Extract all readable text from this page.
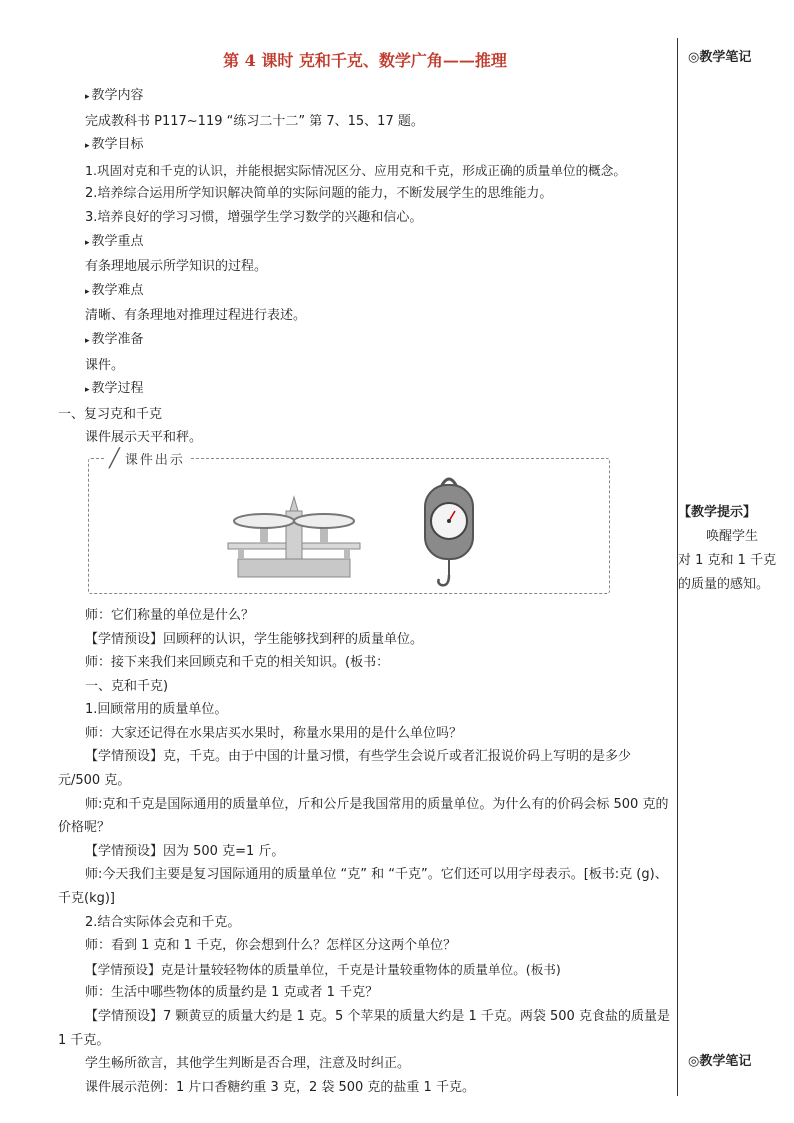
第 4 课时 克和千克、数学广角——推理	◎教学笔记
◎教学笔记
【教学提示】
唤醒学生
对 1 克和 1 千克
的质量的感知。
▸ 教学内容
完成教科书 P117~119 “练习二十二” 第 7、15、17 题。
▸ 教学目标
1.巩固对克和千克的认识，并能根据实际情况区分、应用克和千克，形成正确的质量单位的概念。
2.培养综合运用所学知识解决简单的实际问题的能力，不断发展学生的思维能力。
3.培养良好的学习习惯，增强学生学习数学的兴趣和信心。
▸ 教学重点
有条理地展示所学知识的过程。
▸ 教学难点
清晰、有条理地对推理过程进行表述。
▸ 教学准备
课件。
▸ 教学过程
一、复习克和千克
课件展示天平和秤。
╱ 课件出示
师：它们称量的单位是什么？
【学情预设】回顾秤的认识，学生能够找到秤的质量单位。
师：接下来我们来回顾克和千克的相关知识。(板书：
一、克和千克)
1.回顾常用的质量单位。
师：大家还记得在水果店买水果时，称量水果用的是什么单位吗？
【学情预设】克，千克。由于中国的计量习惯，有些学生会说斤或者汇报说价码上写明的是多少元/500 克。
师:克和千克是国际通用的质量单位，斤和公斤是我国常用的质量单位。为什么有的价码会标 500 克的价格呢？
【学情预设】因为 500 克=1 斤。
师:今天我们主要是复习国际通用的质量单位 “克” 和 “千克”。它们还可以用字母表示。[板书:克 (g)、千克(kg)]
2.结合实际体会克和千克。
师：看到 1 克和 1 千克，你会想到什么？怎样区分这两个单位？
【学情预设】克是计量较轻物体的质量单位，千克是计量较重物体的质量单位。(板书)
师：生活中哪些物体的质量约是 1 克或者 1 千克？
【学情预设】7 颗黄豆的质量大约是 1 克。5 个苹果的质量大约是 1 千克。两袋 500 克食盐的质量是 1 千克。
学生畅所欲言，其他学生判断是否合理，注意及时纠正。
课件展示范例：1 片口香糖约重 3 克，2 袋 500 克的盐重 1 千克。
